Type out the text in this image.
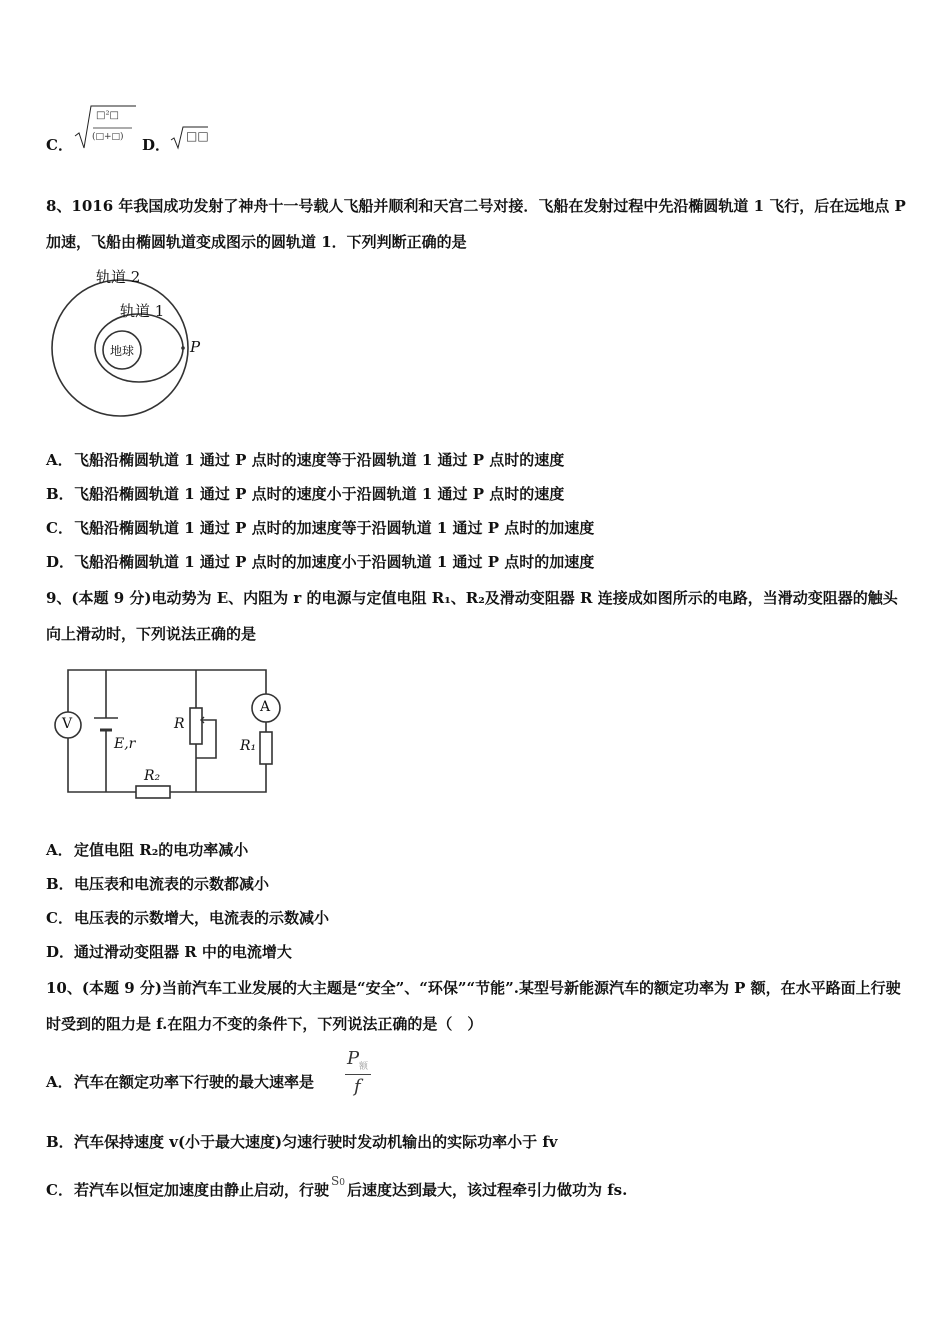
C．
□²□
(□+□) D． □□
8、1016 年我国成功发射了神舟十一号载人飞船并顺利和天宫二号对接．飞船在发射过程中先沿椭圆轨道 1 飞行，后在远地点 P 加速，飞船由椭圆轨道变成图示的圆轨道 1．下列判断正确的是
轨道 2
轨道 1
地球	P
A．飞船沿椭圆轨道 1 通过 P 点时的速度等于沿圆轨道 1 通过 P 点时的速度
B．飞船沿椭圆轨道 1 通过 P 点时的速度小于沿圆轨道 1 通过 P 点时的速度
C．飞船沿椭圆轨道 1 通过 P 点时的加速度等于沿圆轨道 1 通过 P 点时的加速度
D．飞船沿椭圆轨道 1 通过 P 点时的加速度小于沿圆轨道 1 通过 P 点时的加速度
9、(本题 9 分)电动势为 E、内阻为 r 的电源与定值电阻 R₁、R₂及滑动变阻器 R 连接成如图所示的电路，当滑动变阻器的触头向上滑动时，下列说法正确的是
V
A
E,r
R
R₁
R₂
A．定值电阻 R₂的电功率减小
B．电压表和电流表的示数都减小
C．电压表的示数增大，电流表的示数减小
D．通过滑动变阻器 R 中的电流增大
10、(本题 9 分)当前汽车工业发展的大主题是“安全”、“环保”“节能”.某型号新能源汽车的额定功率为 P 额，在水平路面上行驶时受到的阻力是 f.在阻力不变的条件下，下列说法正确的是（　）
A．汽车在额定功率下行驶的最大速率是
P 额
f
B．汽车保持速度 v(小于最大速度)匀速行驶时发动机输出的实际功率小于 fv
C．若汽车以恒定加速度由静止启动，行驶 S0 后速度达到最大，该过程牵引力做功为 fs.
